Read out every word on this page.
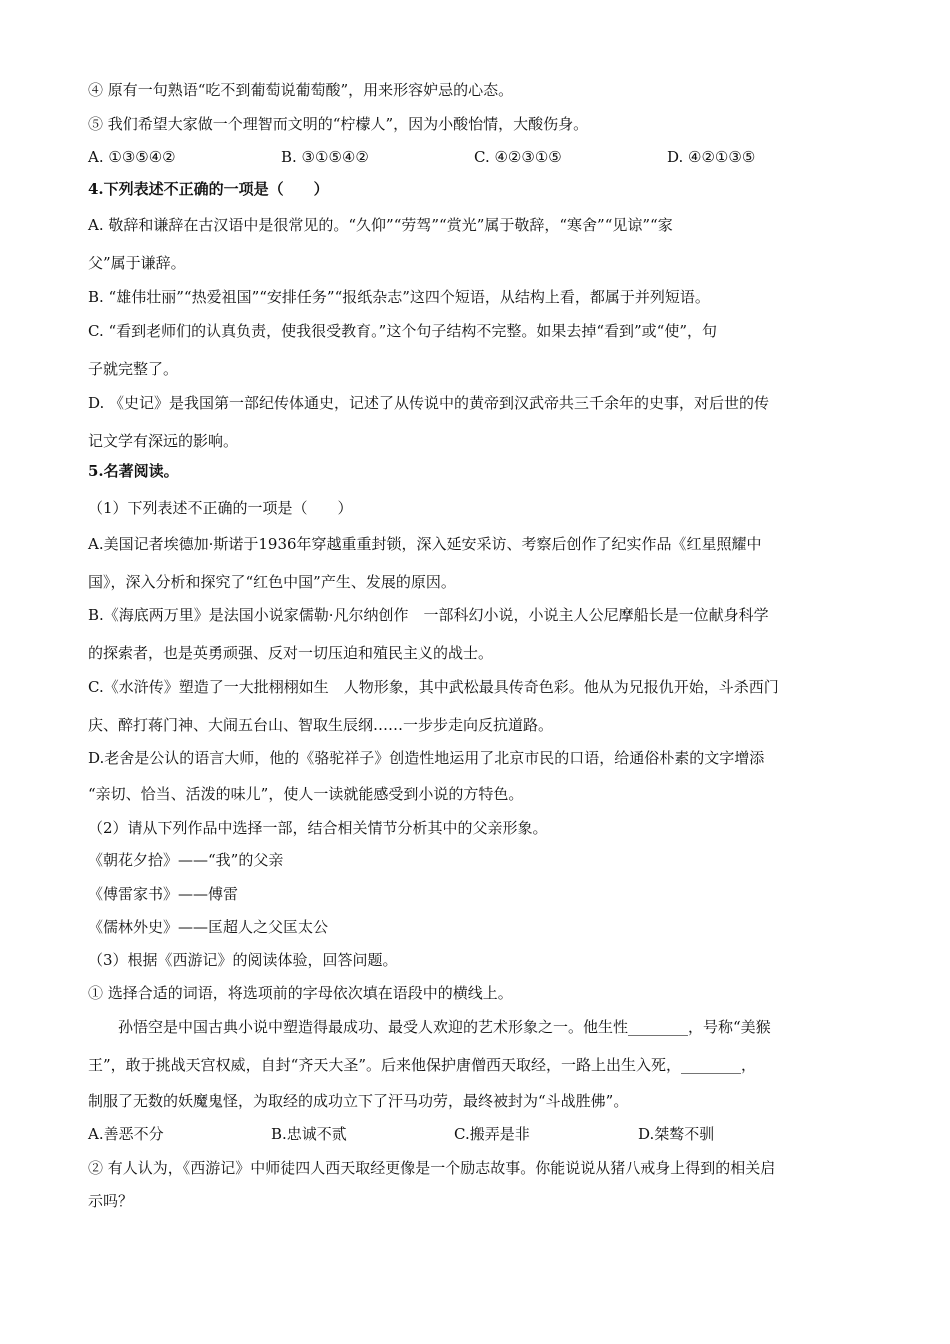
④ 原有一句熟语“吃不到葡萄说葡萄酸”，用来形容妒忌的心态。
⑤ 我们希望大家做一个理智而文明的“柠檬人”，因为小酸怡情，大酸伤身。
A. ①③⑤④②	B. ③①⑤④②	C. ④②③①⑤	D. ④②①③⑤
4.下列表述不正确的一项是（　　）
A. 敬辞和谦辞在古汉语中是很常见的。“久仰”“劳驾”“赏光”属于敬辞，“寒舍”“见谅”“家
父”属于谦辞。
B. “雄伟壮丽”“热爱祖国”“安排任务”“报纸杂志”这四个短语，从结构上看，都属于并列短语。
C. “看到老师们的认真负责，使我很受教育。”这个句子结构不完整。如果去掉“看到”或“使”，句
子就完整了。
D. 《史记》是我国第一部纪传体通史，记述了从传说中的黄帝到汉武帝共三千余年的史事，对后世的传
记文学有深远的影响。
5.名著阅读。
（1）下列表述不正确的一项是（　　）
A.美国记者埃德加·斯诺于1936年穿越重重封锁，深入延安采访、考察后创作了纪实作品《红星照耀中
国》，深入分析和探究了“红色中国”产生、发展的原因。
B.《海底两万里》是法国小说家儒勒·凡尔纳创作　一部科幻小说，小说主人公尼摩船长是一位献身科学
的探索者，也是英勇顽强、反对一切压迫和殖民主义的战士。
C.《水浒传》塑造了一大批栩栩如生　人物形象，其中武松最具传奇色彩。他从为兄报仇开始，斗杀西门
庆、醉打蒋门神、大闹五台山、智取生辰纲……一步步走向反抗道路。
D.老舍是公认的语言大师，他的《骆驼祥子》创造性地运用了北京市民的口语，给通俗朴素的文字增添
“亲切、恰当、活泼的味儿”，使人一读就能感受到小说的方特色。
（2）请从下列作品中选择一部，结合相关情节分析其中的父亲形象。
《朝花夕拾》——“我”的父亲
《傅雷家书》——傅雷
《儒林外史》——匡超人之父匡太公
（3）根据《西游记》的阅读体验，回答问题。
① 选择合适的词语，将选项前的字母依次填在语段中的横线上。
孙悟空是中国古典小说中塑造得最成功、最受人欢迎的艺术形象之一。他生性________，号称“美猴
王”，敢于挑战天宫权威，自封“齐天大圣”。后来他保护唐僧西天取经，一路上出生入死，________，
制服了无数的妖魔鬼怪，为取经的成功立下了汗马功劳，最终被封为“斗战胜佛”。
A.善恶不分	B.忠诚不贰	C.搬弄是非	D.桀骜不驯
② 有人认为，《西游记》中师徒四人西天取经更像是一个励志故事。你能说说从猪八戒身上得到的相关启
示吗？
